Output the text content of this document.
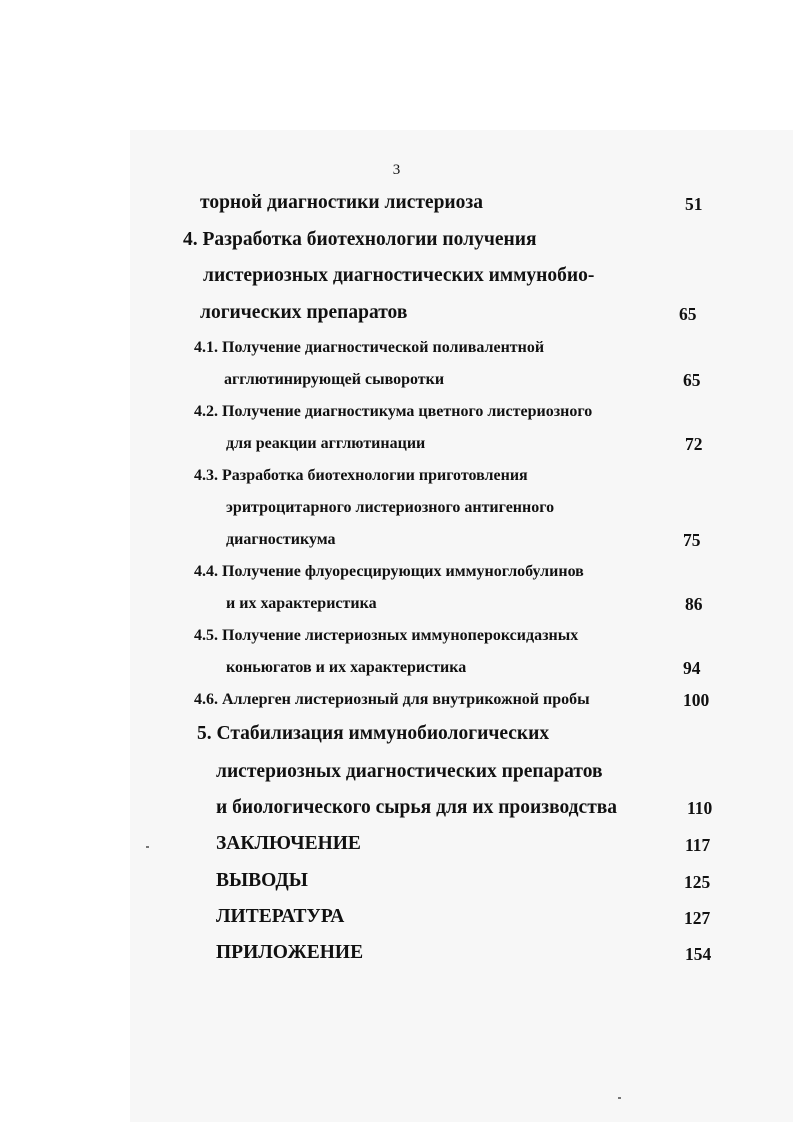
3
торной диагностики листериоза	51
4. Разработка биотехнологии получения
листериозных диагностических иммунобио-
логических препаратов	65
4.1. Получение диагностической поливалентной
агглютинирующей сыворотки	65
4.2. Получение диагностикума цветного листериозного
для реакции агглютинации	72
4.3. Разработка биотехнологии приготовления
эритроцитарного листериозного антигенного
диагностикума	75
4.4. Получение флуоресцирующих иммуноглобулинов
и их характеристика	86
4.5. Получение листериозных иммунопероксидазных
коньюгатов и их характеристика	94
4.6. Аллерген листериозный для внутрикожной пробы	100
5. Стабилизация иммунобиологических
листериозных диагностических препаратов
и биологического сырья для их производства	110
ЗАКЛЮЧЕНИЕ	117
ВЫВОДЫ	125
ЛИТЕРАТУРА	127
ПРИЛОЖЕНИЕ	154
